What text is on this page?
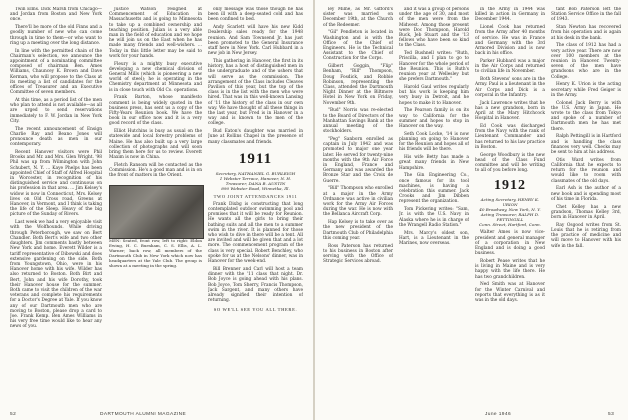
Twin Elms. Dick Marsh from Chicago—and Jordan from Boston and New York once.

There'll be more of the old Finns and a goodly number of new who can come through in time to them—or who want to ring up a meeting over the long distance.

In line with the permitted chain of the Chairman's selection, we announce the appointment of a nominating committee composed of chairman Ben. Ames Williams, Chauncey K. Brown and Dave Kerman, who will propose to the Class at its meeting a list of candidates for the offices of Treasurer and an Executive Committee of seven members.

At this time, as a period list of the men who plan to attend is not available—as all are urged to send reservations immediately to F. W. Jordan in New York City.

The recent announcement of Ensign Charlie Ray and Beano Jones will pronounce death as men in our contemporary.

Recent Hanover visitors were Phil Brooks and Mr. and Mrs. Glen Wright. '98 Phil was up from Wilmington with John Schubert, N. Y. ... Kaye Phelps has been appointed Chief of Staff of Alfred Hospital in Worcester, in recognition of his distinguished service and continuous on his profession in that area. ... Jim Kelsey's widow is now in Connecticut, Mrs. Kelsey lives on Old Cross road, Greens at Hanover, in Vermont, and I think is taking the life of the Sleep. Heavy of the big picture of the Sunday of Rivers.

Last week we had a very enjoyable visit with the Wolfhounds. While driving through Peterborough, we saw on Bert Chandler. Both Bert's wife and two other daughters. Jim comments bastly between New York and home. Everett Wilder is a tariff representative of Dibowski and does extensive gardening on the side. Both from Youngstown, Ohio, were in his Hanover home with his wife. Wilder has also returned to Boston. Both Birt and Bert, John and his wife Dorothy, took their Hanover house for the summer. Both came to visit the children of the war veterans and complete his requirements for a Doctor's Degree at Yale. If you know any of our Dartmouth men who are moving to Boston, please drop a card to Joe. Frank Kemp. Ben Ames Williams in his very free time would like to hear any news of you.

Justice Watson resigned at Commencement of Education in Massachusetts and is going to Minnesota to take up a combined ownership and teaching position. Julian is a very able man in the field of education and we hope he will join us on the East when he has made many friends and well-wishers. ... Today in this little letter may be said to work for your hands.

Fleury is a mighty busy executive developing a new chemical division of General Mills (which is pioneering a new world of steel); he is operating in the Chemistry department at Minnesota and is in close touch with Old Co. operations.

Frank Barton, whose manifesto comment is being widely quoted in the business press, has sent us a copy of the Fifty-Years Reunion book. We have the book in our office now and it is a very good record of the class.

Elliot Hutchins is busy as usual on the statewide and local forestry problems of Maine. He has also built up a very large collection of photographs and will soon bring them here for us to review. Everett Maxim is now in China.

Fletch Ransom will be contacted as the Commission. He's a good man and is in on the front of matters in the Orient.

MEN: Seated, front row, left to right: Eldon Ewing, H. C. Burnham, C. S. Ellis, A. L. Warner; back row, all members of the Dartmouth Club in New York which now has headquarters at the Yale Club. The group is shown at a meeting in the spring.

only message was those though he has been ill with a deep-seated cold and has been confined to bed.

Andy Scarlett will have his new Kidd Dealership sales ready for the 1948 reunion. And Sam Townsend Jr. has just been promoted to the General Insurance staff here in New York. Carl Hubbard in a new job in New Jersey.

This gathering in Hanover, the first in its history, has a host of distinguished men in the undergraduate and of the ushers that will serve as the commission. The arrangement of the Class includes Cleaves Pavilion of this year, but the top of the class is in the list with the men who were hired. That was in this well-known Lansing of '11 the history of the class in our own way. We have thought of all these things in the last year, but Fred is in Hanover in a way and is known to the men of the college.

Bud Eaton's daughter was married in June at Rollins Chapel in the presence of many classmates and friends.

1911

Secretary, NATHANIEL G. BURLEIGH

1 Webster Terrace, Hanover, N. H.

Treasurer, DANA B. AUSTIN

890 Webster Road, Winnetka, Ill.

TWO JOINT ATTENDANCES 1911

Frank Dixbg is constructing that long contemplated outdoor swimming pool and promises that it will be ready for Reunion. He wants all the girls to bring their bathing suits and all the men to a summer swim in the river. It is planned for those who wish to dive in there will be a tent. All are invited and will be given that and a lot more. The commencement program of the class is very special. Robert Benchley, who spoke for us at the Nelsons' dinner, was in Hanover for the week-end.

Bill Brenner and Carl will host a team dinner with the '11 class that night. Dr. Bob Joyce is going ahead with his plans. Bob Joyce, Tom Sherry, Francis Thompson, Jack Sargent, and many others have already signified their intention of returning.

SO WE'LL SEE YOU ALL THERE.
52	DARTMOUTH ALUMNI MAGAZINE

ley Milne, as Mr. Gifford's sister was married on December 19th, at the Church of the Redeemer.

"Gil" Pendleton is located in Washington and is with the Office of the Chief of Engineers. He is the Technical Assistant to the Chief of Construction for the Corps.

Gilbert Goggin, "Flip" Benham, "Bill" Thompson, Doug Fosdick, and Robbie Robinson, representing the Class, attended the Dartmouth Night Dinner at the Biltmore Hotel in New York on Friday, November 9th.

"Bud" Norris was re-elected to the Board of Directors of the Manhattan Savings Bank at the annual meeting of the stockholders.

"Peg" Sanborn enrolled as captain in July 1942 and was promoted to major one year later. He served for twenty-nine months with the 9th Air Force in England, France and Germany and was awarded the Bronze Star and the Croix de Guerre.

"Bill" Thompson who enrolled at a major in the Army Ordnance was active in civilian work for the Army Air Forces during the war. He is now with the Bellanca Aircraft Corp.

Hap Kelsey is to take over as the new president of the Dartmouth Club of Philadelphia this coming year.

Ross Paterson has returned to his business in Boston after serving with the Office of Strategic Services abroad.

and it was a group of persons under the age of 30, and most of the men were from the Midwest. Among those present were Doc Thompson, Harold Buck, Jeb Stuart and the '13 fellows who have been so kind to the Class.

Ted Bushnell writes: "Ruth, Priscilla, and I plan to go to Hanover for the whole period of the Reunion. This is Ruth's reunion year at Wellesley but she prefers Dartmouth."

Harold Gaul writes regularly but his work is keeping him very busy in Detroit, and he hopes to make it to Hanover.

The Pearson family is on its way to California for the summer and hopes to stop in Hanover on the way.

Seth Cook Locke, '14 is now planning on going to Hanover for the Reunion and hopes all of his friends will be there.

His wife Betty has made a great many friends in New Hampshire.

The Gin Engineering Co., once famous for its tool machines, is having a celebration this summer. Jack Crooks and Jim Dibben represent the organization.

Tom Pickering writes: "Sam, Jr. is with the U.S. Navy in Alaska where he is in charge of the Wrangell Radio Station."

Mrs. Marcy's oldest son, Hart, is a Lieutenant in the Marines, now overseas.

in the Army in 1944 was killed in action in Germany in December 1944.

Lionel Cook has returned from the Army after 40 months of service. He was in France and Germany with the 3rd Armored Division and is now back in his office.

Parker Hubbard was a major in the Air Corps and returned to civilian life in November.

Both Stevens' sons are in the Army. Paul is a lieutenant in the Air Corps and Dick is a corporal in the Infantry.

Jack Lawrence writes that he has a new grandson, born in April at the Mary Hitchcock Hospital in Hanover.

Ed Cook was discharged from the Navy with the rank of Lieutenant Commander and has returned to his law practice in Boston.

George Woodbury is the new head of the Class Fund committee and will be writing to all of you before long.

1912

Acting Secretary, HENRY K. URION

40 Broadway, New York, N. Y.

Acting Treasurer, RALPH D. PETTINGILL

Conn. Street, Hartford, Conn.

Walter Ames is now vice-president and general manager of a corporation in New England and is doing a good business.

Robert Pease writes that he is living in Maine and is very happy with the life there. He has two grandchildren.

Ned Smith was at Hanover for the Winter Carnival and reports that everything is as it was in the old days.

tant Bob Paterson left the Station Service Office in the fall of 1943.

Stan Newton has recovered from his operation and is again at his desk in the bank.

The class of 1912 has had a very active year. There are now over 100 members at the reunion in Hanover. Twenty-seven of the men have grandsons who are in the College.

Henry K. Urion is the acting secretary while Fred Geiger is in the Army.

Colonel Jack Berry is with the U.S. Army in Japan. He wrote to the class from Tokyo and spoke of a number of Dartmouth men he has met there.

Ralph Pettingill is in Hartford and is handling the class finances very well. Checks may be sent to him at his address.

Otis Ward writes from California that he expects to return for the reunion and would like to room with classmates of the old days.

Earl Ash is the author of a new book and is spending most of his time in Florida.

Chet Kelley has a new grandson, Thomas Kelley 3rd, born in Hanover in April.

Ray Osgood writes from St. Louis that he is retiring from the practice of medicine and will move to Hanover with his wife in the fall.

June 1946	53
